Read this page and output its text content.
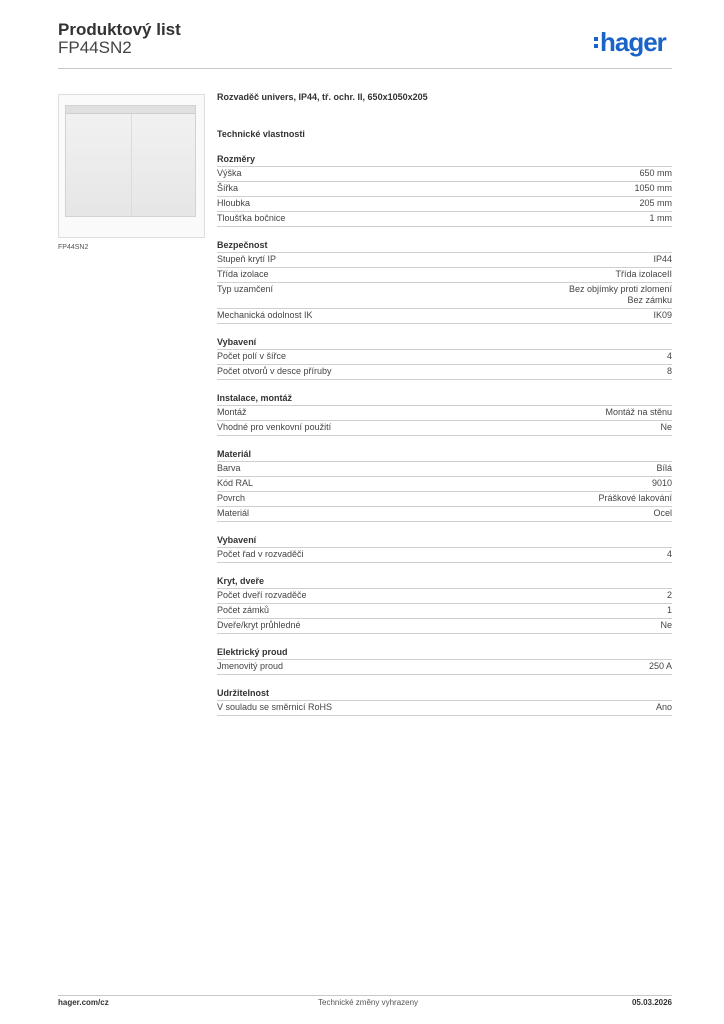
Produktový list
FP44SN2	hager
FP44SN2
Rozvaděč univers, IP44, tř. ochr. II, 650x1050x205
Technické vlastnosti
Rozměry
Výška	650 mm
Šířka	1050 mm
Hloubka	205 mm
Tloušťka bočnice	1 mm
Bezpečnost
Stupeň krytí IP	IP44
Třída izolace	Třída izolaceII
Typ uzamčení	Bez objímky proti zlomení
Bez zámku
Mechanická odolnost IK	IK09
Vybavení
Počet polí v šířce	4
Počet otvorů v desce příruby	8
Instalace, montáž
Montáž	Montáž na stěnu
Vhodné pro venkovní použití	Ne
Materiál
Barva	Bílá
Kód RAL	9010
Povrch	Práškové lakování
Materiál	Ocel
Vybavení
Počet řad v rozvaděči	4
Kryt, dveře
Počet dveří rozvaděče	2
Počet zámků	1
Dveře/kryt průhledné	Ne
Elektrický proud
Jmenovitý proud	250 A
Udržitelnost
V souladu se směrnicí RoHS	Ano
hager.com/cz	Technické změny vyhrazeny	05.03.2026
